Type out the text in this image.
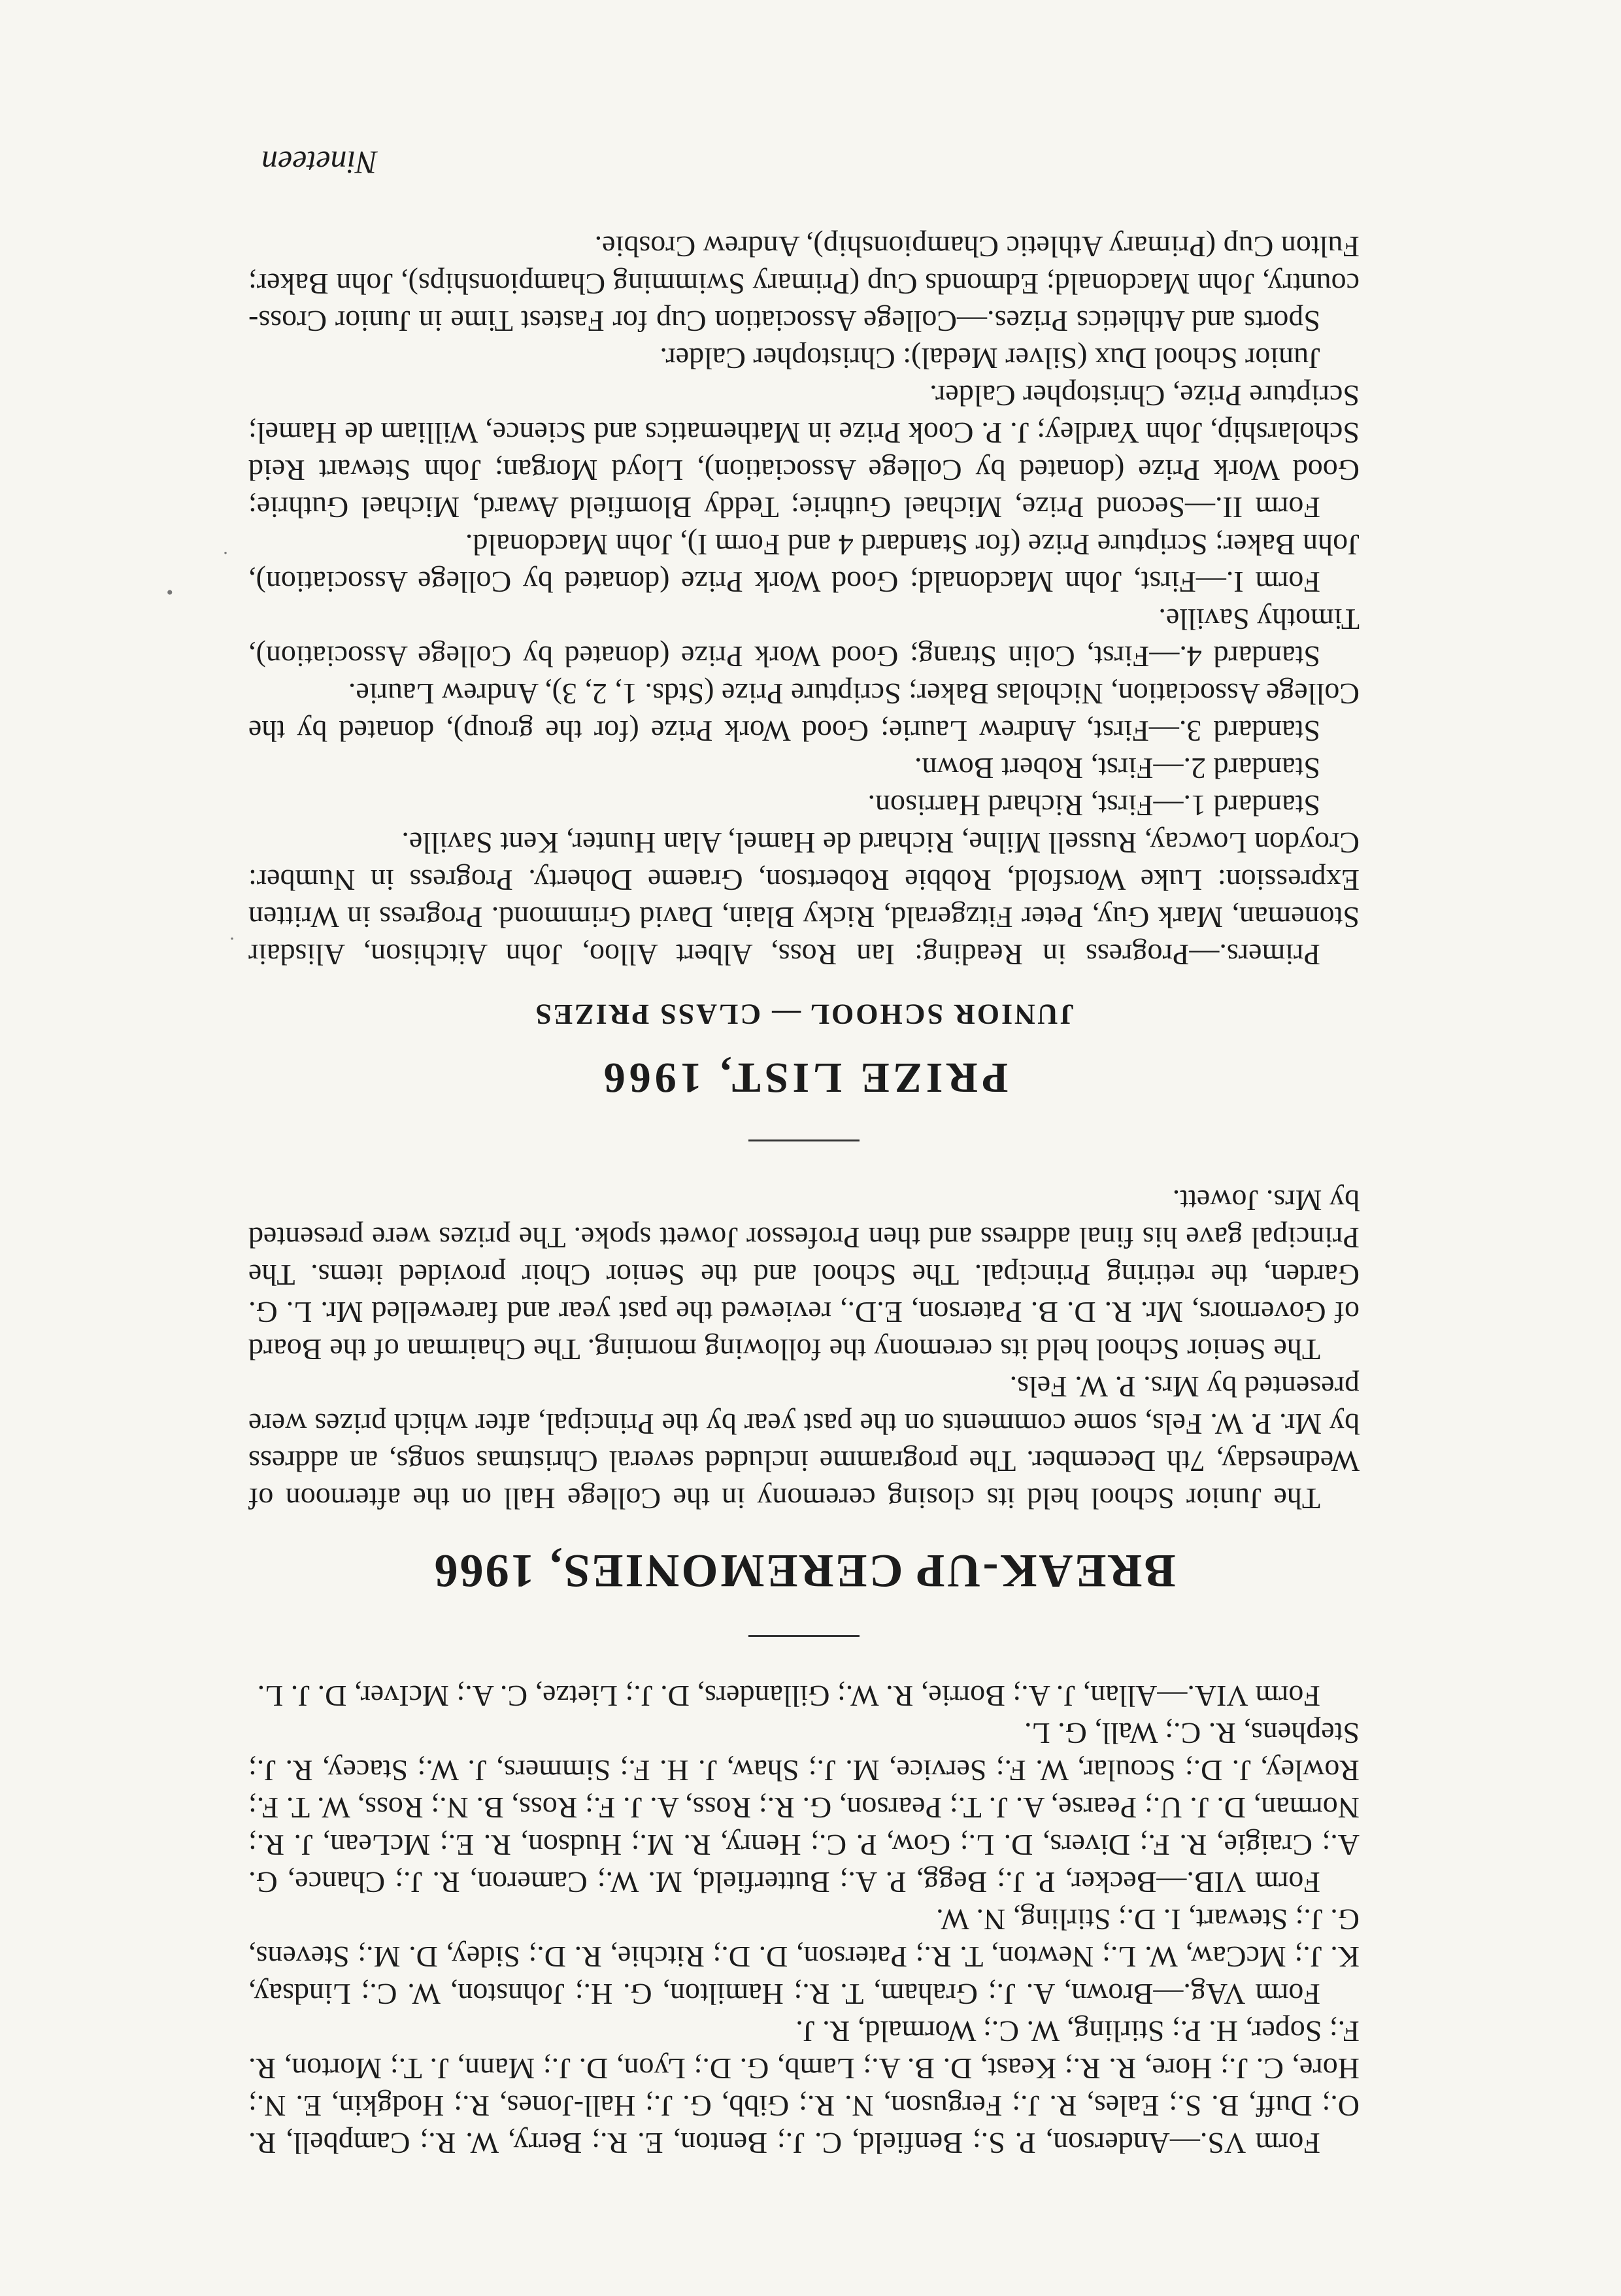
Form VS.—Anderson, P. S.; Benfield, C. J.; Benton, E. R.; Berry, W. R.; Campbell, R. O.; Duff, B. S.; Eales, R. J.; Ferguson, N. R.; Gibb, G. J.; Hall-Jones, R.; Hodgkin, E. N.; Hore, C. J.; Hore, R. R.; Keast, D. B. A.; Lamb, G. D.; Lyon, D. J.; Mann, J. T.; Morton, R. F.; Soper, H. P.; Stirling, W. C.; Wormald, R. J.

Form VAg.—Brown, A. J.; Graham, T. R.; Hamilton, G. H.; Johnston, W. C.; Lindsay, K. J.; McCaw, W. L.; Newton, T. R.; Paterson, D. D.; Ritchie, R. D.; Sidey, D. M.; Stevens, G. J.; Stewart, I. D.; Stirling, N. W.

Form VIB.—Becker, P. J.; Begg, P. A.; Butterfield, M. W.; Cameron, R. J.; Chance, G. A.; Craigie, R. F.; Divers, D. L.; Gow, P. C.; Henry, R. M.; Hudson, R. E.; McLean, J. R.; Norman, D. J. U.; Pearse, A. J. T.; Pearson, G. R.; Ross, A. J. F.; Ross, B. N.; Ross, W. T. F.; Rowley, J. D.; Scoular, W. F.; Service, M. J.; Shaw, J. H. F.; Simmers, J. W.; Stacey, R. J.; Stephens, R. C.; Wall, G. L.

Form VIA.—Allan, J. A.; Borrie, R. W.; Gillanders, D. J.; Lietze, C. A.; McIver, D. J. L.

BREAK-UP CEREMONIES, 1966

The Junior School held its closing ceremony in the College Hall on the afternoon of Wednesday, 7th December. The programme included several Christmas songs, an address by Mr. P. W. Fels, some comments on the past year by the Principal, after which prizes were presented by Mrs. P. W. Fels.

The Senior School held its ceremony the following morning. The Chairman of the Board of Governors, Mr. R. D. B. Paterson, E.D., reviewed the past year and farewelled Mr. L. G. Garden, the retiring Principal. The School and the Senior Choir provided items. The Principal gave his final address and then Professor Jowett spoke. The prizes were presented by Mrs. Jowett.

PRIZE LIST, 1966
JUNIOR SCHOOL — CLASS PRIZES

Primers.—Progress in Reading: Ian Ross, Albert Alloo, John Aitchison, Alisdair Stoneman, Mark Guy, Peter Fitzgerald, Ricky Blain, David Grimmond. Progress in Written Expression: Luke Worsfold, Robbie Robertson, Graeme Doherty. Progress in Number: Croydon Lowcay, Russell Milne, Richard de Hamel, Alan Hunter, Kent Saville.

Standard 1.—First, Richard Harrison.

Standard 2.—First, Robert Bown.

Standard 3.—First, Andrew Laurie; Good Work Prize (for the group), donated by the College Association, Nicholas Baker; Scripture Prize (Stds. 1, 2, 3), Andrew Laurie.

Standard 4.—First, Colin Strang; Good Work Prize (donated by College Association), Timothy Saville.

Form I.—First, John Macdonald; Good Work Prize (donated by College Association), John Baker; Scripture Prize (for Standard 4 and Form I), John Macdonald.

Form II.—Second Prize, Michael Guthrie; Teddy Blomfield Award, Michael Guthrie; Good Work Prize (donated by College Association), Lloyd Morgan; John Stewart Reid Scholarship, John Yardley; J. P. Cook Prize in Mathematics and Science, William de Hamel; Scripture Prize, Christopher Calder.

Junior School Dux (Silver Medal): Christopher Calder.

Sports and Athletics Prizes.—College Association Cup for Fastest Time in Junior Cross-country, John Macdonald; Edmonds Cup (Primary Swimming Championships), John Baker; Fulton Cup (Primary Athletic Championship), Andrew Crosbie.

Nineteen
·
•
·
